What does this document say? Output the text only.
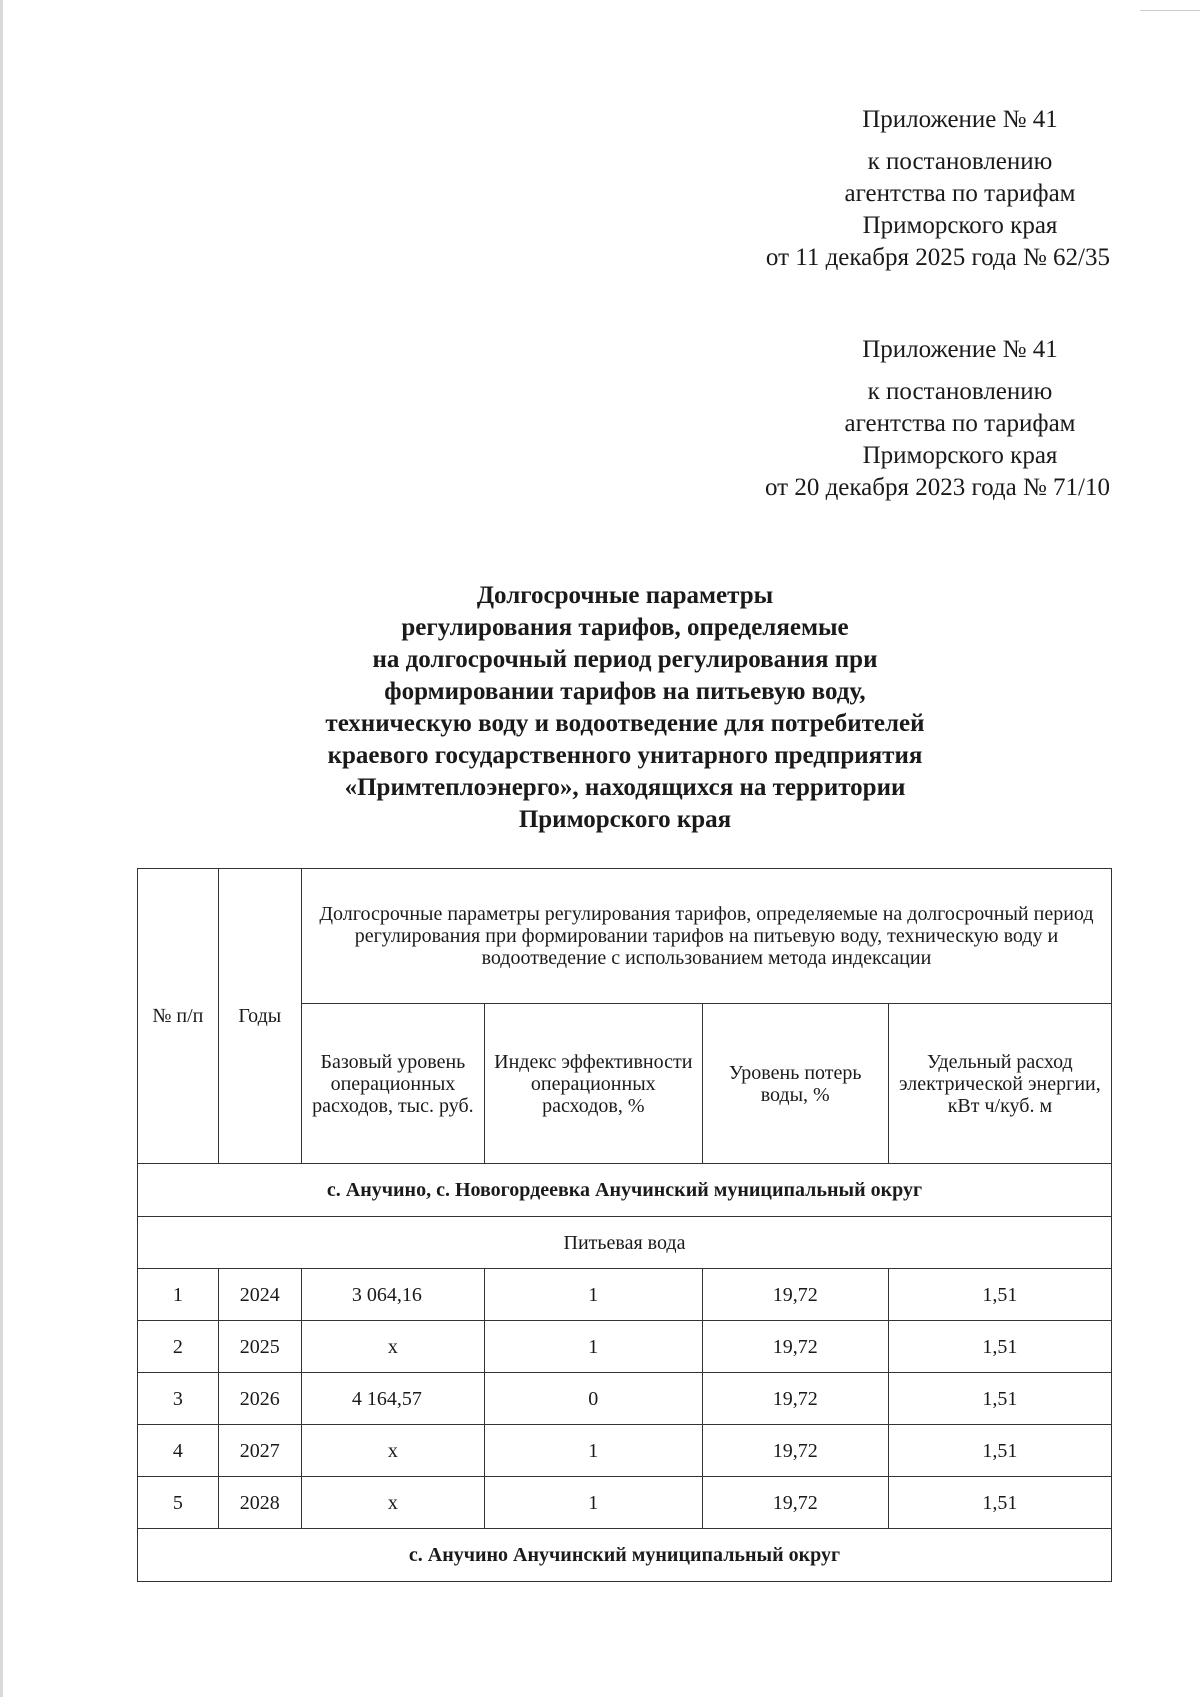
Приложение № 41
к постановлению
агентства по тарифам
Приморского края
от 11 декабря 2025 года № 62/35
Приложение № 41
к постановлению
агентства по тарифам
Приморского края
от 20 декабря 2023 года № 71/10
Долгосрочные параметры
регулирования тарифов, определяемые
на долгосрочный период регулирования при
формировании тарифов на питьевую воду,
техническую воду и водоотведение для потребителей
краевого государственного унитарного предприятия
«Примтеплоэнерго», находящихся на территории
Приморского края
№ п/п	Годы	Долгосрочные параметры регулирования тарифов, определяемые на долгосрочный период регулирования при формировании тарифов на питьевую воду, техническую воду и водоотведение с использованием метода индексации			
		Базовый уровень операционных расходов, тыс. руб.	Индекс эффективности операционных расходов, %	Уровень потерь воды, %	Удельный расход электрической энергии, кВт ч/куб. м
с. Анучино, с. Новогордеевка Анучинский муниципальный округ					
Питьевая вода					
1	2024	3 064,16	1	19,72	1,51
2	2025	x	1	19,72	1,51
3	2026	4 164,57	0	19,72	1,51
4	2027	x	1	19,72	1,51
5	2028	x	1	19,72	1,51
с. Анучино Анучинский муниципальный округ					
